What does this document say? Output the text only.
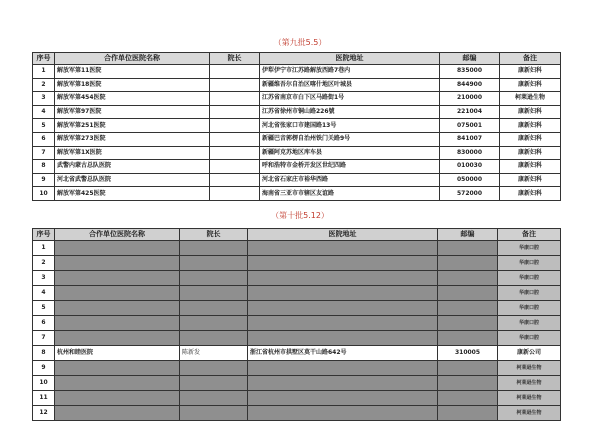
（第九批5.5）
序号	合作单位医院名称	院长	医院地址	邮编	备注
1	解放军第11医院		伊犁伊宁市江苏路解放西路7巷内	835000	康新妇科
2	解放军第18医院		新疆维吾尔自治区喀什地区叶城县	844900	康新妇科
3	解放军第454医院		江苏省南京市白下区马路街1号	210000	柯莱逊生物
4	解放军第97医院		江苏省徐州市铜山路226號	221004	康新妇科
5	解放军第251医院		河北省张家口市建国路13号	075001	康新妇科
6	解放军第273医院		新疆巴音郭楞自治州铁门关路9号	841007	康新妇科
7	解放军第1X医院		新疆阿克苏地区库车县	830000	康新妇科
8	武警内蒙古总队医院		呼和浩特市金桥开发区世纪四路	010030	康新妇科
9	河北省武警总队医院		河北省石家庄市裕华西路	050000	康新妇科
10	解放军第425医院		海南省三亚市市辖区友谊路	572000	康新妇科
（第十批5.12）
序号	合作单位医院名称	院长	医院地址	邮编	备注
1					华康口腔
2					华康口腔
3					华康口腔
4					华康口腔
5					华康口腔
6					华康口腔
7					华康口腔
8	杭州和睦医院	陈新发	浙江省杭州市拱墅区莫干山路642号	310005	康新公司
9					柯莱逊生物
10					柯莱逊生物
11					柯莱逊生物
12					柯莱逊生物
